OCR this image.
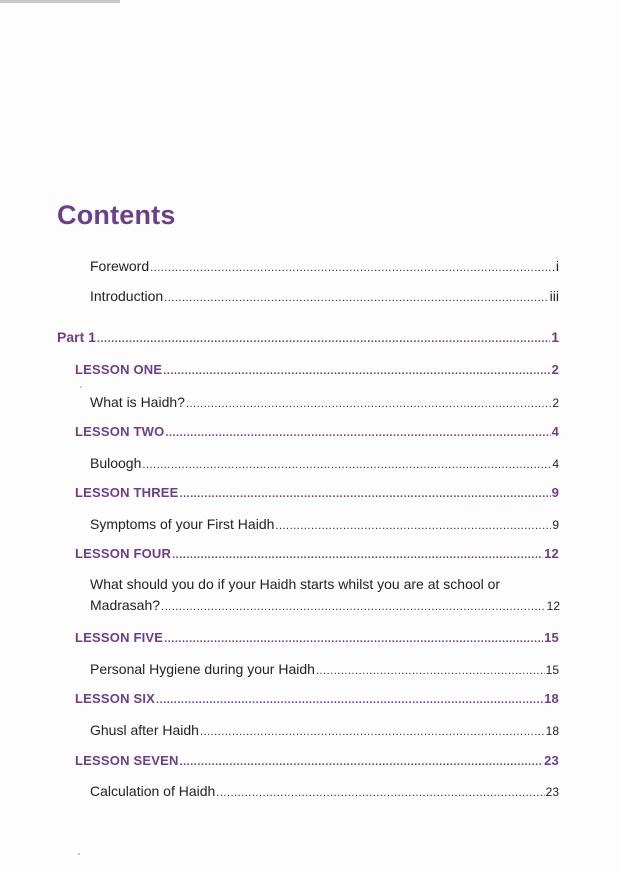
Contents
Foreword .....	i
Introduction .....	iii
Part 1 .....	1
LESSON ONE .....	2
What is Haidh? .....	2
LESSON TWO .....	4
Buloogh .....	4
LESSON THREE .....	9
Symptoms of your First Haidh .....	9
LESSON FOUR .....	12
What should you do if your Haidh starts whilst you are at school or
Madrasah? .....	12
LESSON FIVE .....	15
Personal Hygiene during your Haidh .....	15
LESSON SIX .....	18
Ghusl after Haidh .....	18
LESSON SEVEN .....	23
Calculation of Haidh .....	23
